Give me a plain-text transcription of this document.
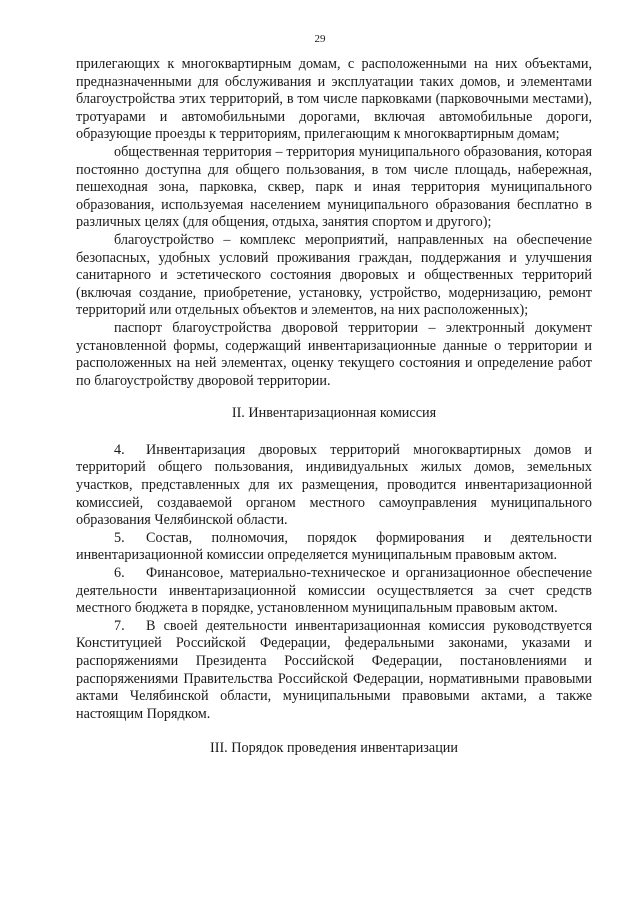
29

прилегающих к многоквартирным домам, с расположенными на них объектами, предназначенными для обслуживания и эксплуатации таких домов, и элементами благоустройства этих территорий, в том числе парковками (парковочными местами), тротуарами и автомобильными дорогами, включая автомобильные дороги, образующие проезды к территориям, прилегающим к многоквартирным домам;

общественная территория – территория муниципального образования, которая постоянно доступна для общего пользования, в том числе площадь, набережная, пешеходная зона, парковка, сквер, парк и иная территория муниципального образования, используемая населением муниципального образования бесплатно в различных целях (для общения, отдыха, занятия спортом и другого);

благоустройство – комплекс мероприятий, направленных на обеспечение безопасных, удобных условий проживания граждан, поддержания и улучшения санитарного и эстетического состояния дворовых и общественных территорий (включая создание, приобретение, установку, устройство, модернизацию, ремонт территорий или отдельных объектов и элементов, на них расположенных);

паспорт благоустройства дворовой территории – электронный документ установленной формы, содержащий инвентаризационные данные о территории и расположенных на ней элементах, оценку текущего состояния и определение работ по благоустройству дворовой территории.

II. Инвентаризационная комиссия

4. Инвентаризация дворовых территорий многоквартирных домов и территорий общего пользования, индивидуальных жилых домов, земельных участков, представленных для их размещения, проводится инвентаризационной комиссией, создаваемой органом местного самоуправления муниципального образования Челябинской области.

5. Состав, полномочия, порядок формирования и деятельности инвентаризационной комиссии определяется муниципальным правовым актом.

6. Финансовое, материально-техническое и организационное обеспечение деятельности инвентаризационной комиссии осуществляется за счет средств местного бюджета в порядке, установленном муниципальным правовым актом.

7. В своей деятельности инвентаризационная комиссия руководствуется Конституцией Российской Федерации, федеральными законами, указами и распоряжениями Президента Российской Федерации, постановлениями и распоряжениями Правительства Российской Федерации, нормативными правовыми актами Челябинской области, муниципальными правовыми актами, а также настоящим Порядком.

III. Порядок проведения инвентаризации
